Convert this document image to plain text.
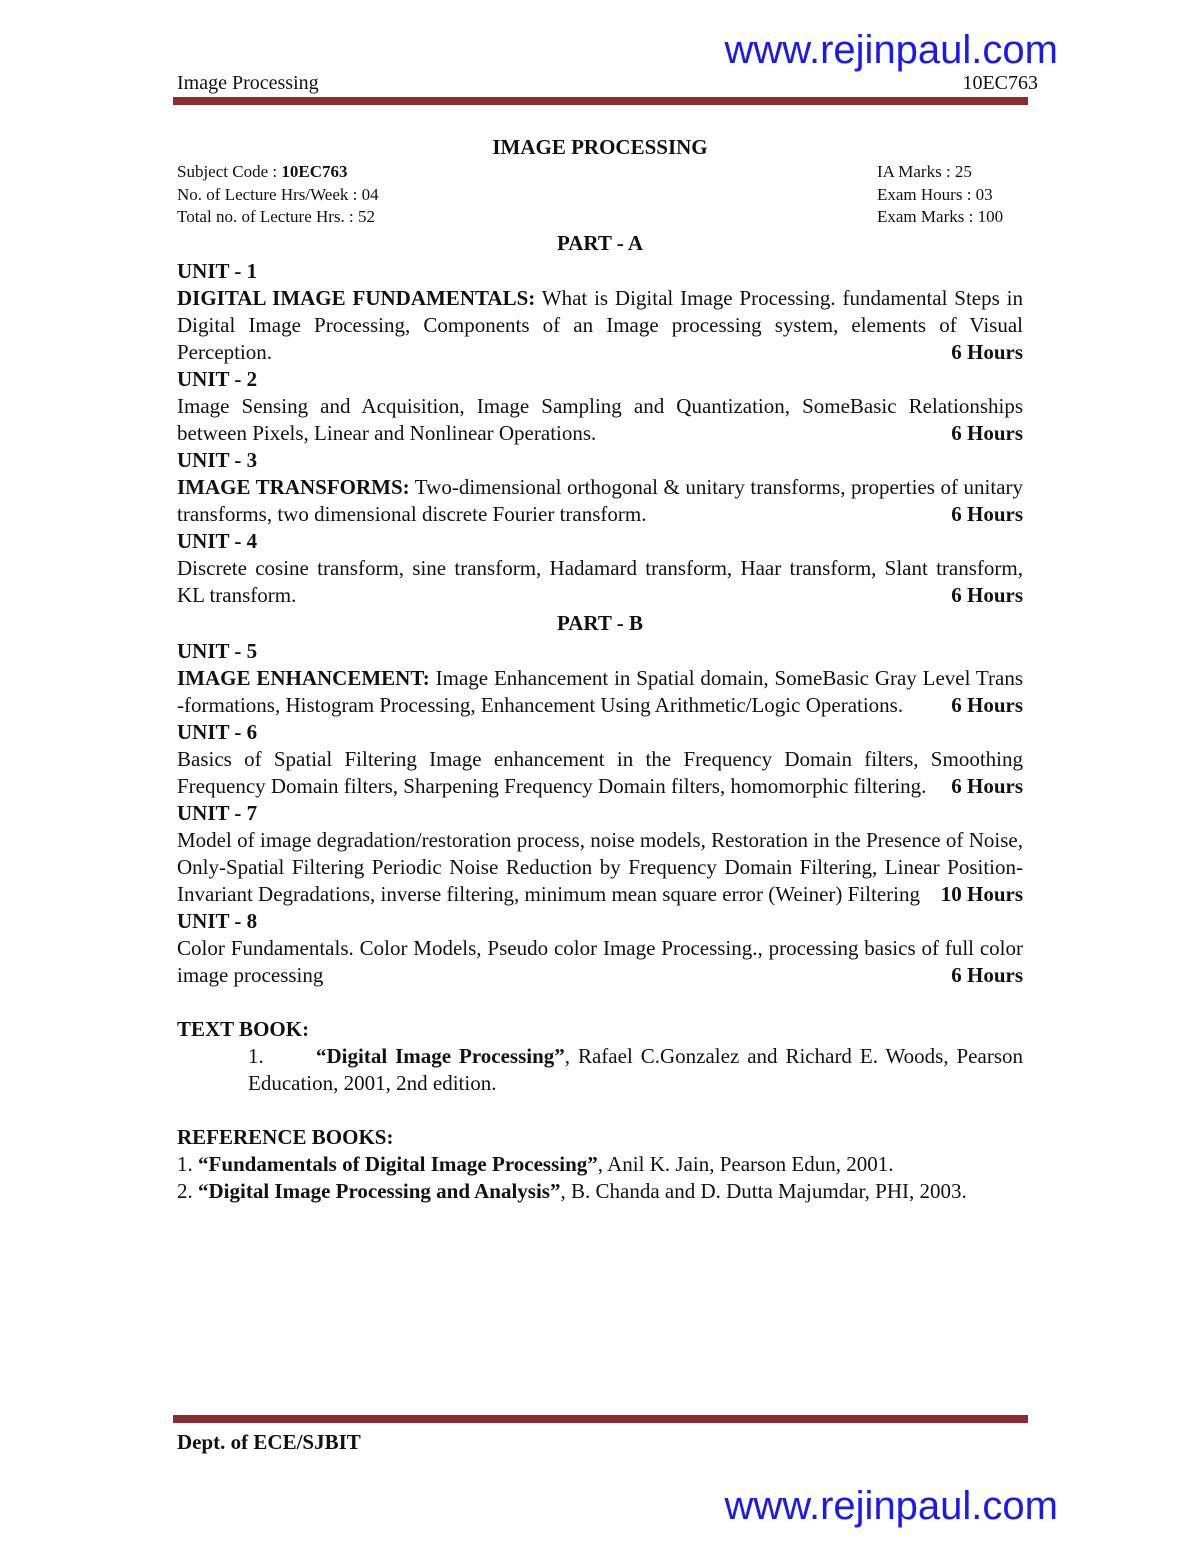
www.rejinpaul.com
Image Processing	10EC763
IMAGE PROCESSING
Subject Code : 10EC763	IA Marks : 25
No. of Lecture Hrs/Week : 04	Exam Hours : 03
Total no. of Lecture Hrs. : 52	Exam Marks : 100
PART - A
UNIT - 1
DIGITAL IMAGE FUNDAMENTALS: What is Digital Image Processing. fundamental Steps in Digital Image Processing, Components of an Image processing system, elements of Visual Perception.	6 Hours
UNIT - 2
Image Sensing and Acquisition, Image Sampling and Quantization, SomeBasic Relationships between Pixels, Linear and Nonlinear Operations.	6 Hours
UNIT - 3
IMAGE TRANSFORMS: Two-dimensional orthogonal & unitary transforms, properties of unitary transforms, two dimensional discrete Fourier transform.	6 Hours
UNIT - 4
Discrete cosine transform, sine transform, Hadamard transform, Haar transform, Slant transform, KL transform.	6 Hours
PART - B
UNIT - 5
IMAGE ENHANCEMENT: Image Enhancement in Spatial domain, SomeBasic Gray Level Trans -formations, Histogram Processing, Enhancement Using Arithmetic/Logic Operations. 6 Hours
UNIT - 6
Basics of Spatial Filtering Image enhancement in the Frequency Domain filters, Smoothing Frequency Domain filters, Sharpening Frequency Domain filters, homomorphic filtering. 6 Hours
UNIT - 7
Model of image degradation/restoration process, noise models, Restoration in the Presence of Noise, Only-Spatial Filtering Periodic Noise Reduction by Frequency Domain Filtering, Linear Position-Invariant Degradations, inverse filtering, minimum mean square error (Weiner) Filtering 10 Hours
UNIT - 8
Color Fundamentals. Color Models, Pseudo color Image Processing., processing basics of full color image processing	6 Hours
TEXT BOOK:
1. “Digital Image Processing”, Rafael C.Gonzalez and Richard E. Woods, Pearson Education, 2001, 2nd edition.
REFERENCE BOOKS:
1. “Fundamentals of Digital Image Processing”, Anil K. Jain, Pearson Edun, 2001.
2. “Digital Image Processing and Analysis”, B. Chanda and D. Dutta Majumdar, PHI, 2003.
Dept. of ECE/SJBIT
www.rejinpaul.com
